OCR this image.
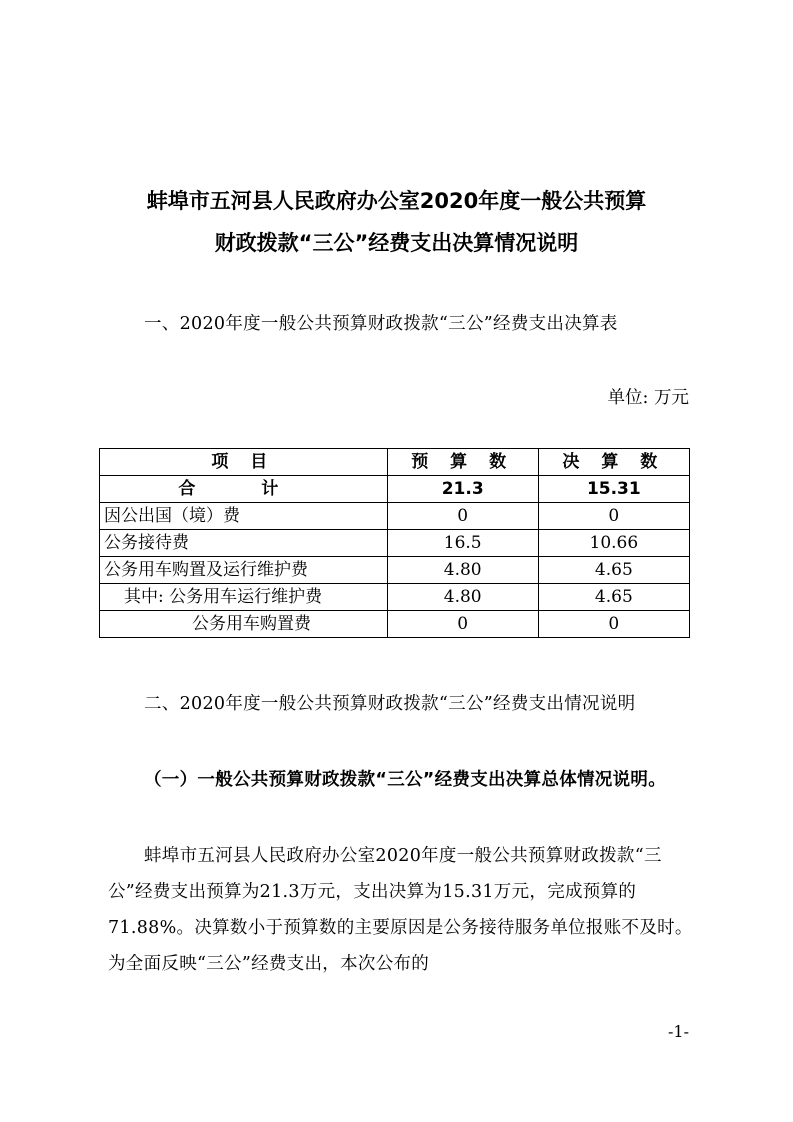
蚌埠市五河县人民政府办公室2020年度一般公共预算
财政拨款“三公”经费支出决算情况说明
一、2020年度一般公共预算财政拨款“三公”经费支出决算表
单位: 万元
项 目	预 算 数	决 算 数
合 计	21.3	15.31
因公出国（境）费	0	0
公务接待费	16.5	10.66
公务用车购置及运行维护费	4.80	4.65
其中: 公务用车运行维护费	4.80	4.65
公务用车购置费	0	0
二、2020年度一般公共预算财政拨款“三公”经费支出情况说明
（一）一般公共预算财政拨款“三公”经费支出决算总体情况说明。
蚌埠市五河县人民政府办公室2020年度一般公共预算财政拨款“三公”经费支出预算为21.3万元，支出决算为15.31万元，完成预算的71.88%。决算数小于预算数的主要原因是公务接待服务单位报账不及时。为全面反映“三公”经费支出，本次公布的
-1-
